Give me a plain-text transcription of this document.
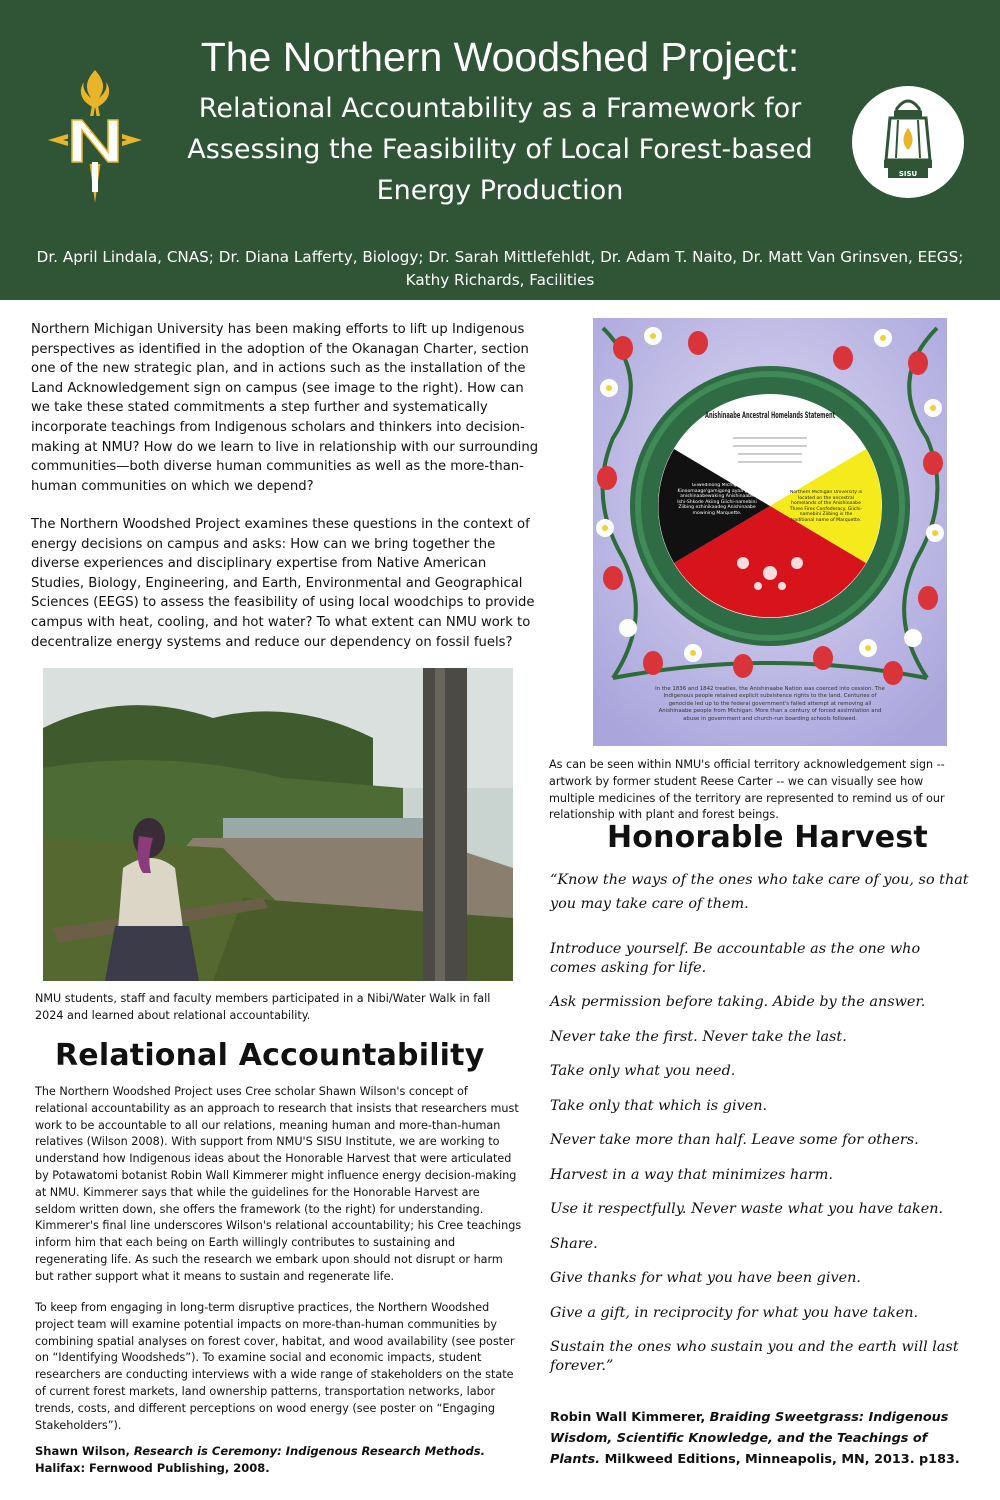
The Northern Woodshed Project:
Relational Accountability as a Framework for Assessing the Feasibility of Local Forest-based Energy Production
Dr. April Lindala, CNAS; Dr. Diana Lafferty, Biology; Dr. Sarah Mittlefehldt, Dr. Adam T. Naito, Dr. Matt Van Grinsven, EEGS; Kathy Richards, Facilities
SISU
Northern Michigan University has been making efforts to lift up Indigenous perspectives as identified in the adoption of the Okanagan Charter, section one of the new strategic plan, and in actions such as the installation of the Land Acknowledgement sign on campus (see image to the right). How can we take these stated commitments a step further and systematically incorporate teachings from Indigenous scholars and thinkers into decision-making at NMU? How do we learn to live in relationship with our surrounding communities—both diverse human communities as well as the more-than-human communities on which we depend?
The Northern Woodshed Project examines these questions in the context of energy decisions on campus and asks: How can we bring together the diverse experiences and disciplinary expertise from Native American Studies, Biology, Engineering, and Earth, Environmental and Geographical Sciences (EEGS) to assess the feasibility of using local woodchips to provide campus with heat, cooling, and hot water? To what extent can NMU work to decentralize energy systems and reduce our dependency on fossil fuels?
NMU students, staff and faculty members participated in a Nibi/Water Walk in fall 2024 and learned about relational accountability.
Relational Accountability
The Northern Woodshed Project uses Cree scholar Shawn Wilson's concept of relational accountability as an approach to research that insists that researchers must work to be accountable to all our relations, meaning human and more-than-human relatives (Wilson 2008). With support from NMU'S SISU Institute, we are working to understand how Indigenous ideas about the Honorable Harvest that were articulated by Potawatomi botanist Robin Wall Kimmerer might influence energy decision-making at NMU. Kimmerer says that while the guidelines for the Honorable Harvest are seldom written down, she offers the framework (to the right) for understanding. Kimmerer's final line underscores Wilson's relational accountability; his Cree teachings inform him that each being on Earth willingly contributes to sustaining and regenerating life. As such the research we embark upon should not disrupt or harm but rather support what it means to sustain and regenerate life.
To keep from engaging in long-term disruptive practices, the Northern Woodshed project team will examine potential impacts on more-than-human communities by combining spatial analyses on forest cover, habitat, and wood availability (see poster on “Identifying Woodsheds”). To examine social and economic impacts, student researchers are conducting interviews with a wide range of stakeholders on the state of current forest markets, land ownership patterns, transportation networks, labor trends, costs, and different perceptions on wood energy (see poster on “Engaging Stakeholders”).
Shawn Wilson, Research is Ceremony: Indigenous Research Methods. Halifax: Fernwood Publishing, 2008.
Anishinaabe Ancestral Homelands Statement
Giiwedinong Michigan Kinoomaage'gamigong ayaa gete-anishinaabewaking Anishinaabe Ishi-Shkode Akiing Giichi-namebini Ziibing ezhinikaadeg Anishinaabe mowining Marquette.
Northern Michigan University is located on the ancestral homelands of the Anishinaabe Three Fires Confederacy. Giichi-namebini Ziibing is the traditional name of Marquette.
In the 1836 and 1842 treaties, the Anishinaabe Nation was coerced into cession. The Indigenous people retained explicit subsistence rights to the land. Centuries of genocide led up to the federal government's failed attempt at removing all Anishinaabe people from Michigan. More than a century of forced assimilation and abuse in government and church-run boarding schools followed.
As can be seen within NMU's official territory acknowledgement sign -- artwork by former student Reese Carter -- we can visually see how multiple medicines of the territory are represented to remind us of our relationship with plant and forest beings.
Honorable Harvest

“Know the ways of the ones who take care of you, so that you may take care of them.

Introduce yourself. Be accountable as the one who comes asking for life.

Ask permission before taking. Abide by the answer.

Never take the first. Never take the last.

Take only what you need.

Take only that which is given.

Never take more than half. Leave some for others.

Harvest in a way that minimizes harm.

Use it respectfully. Never waste what you have taken.

Share.

Give thanks for what you have been given.

Give a gift, in reciprocity for what you have taken.

Sustain the ones who sustain you and the earth will last forever.”

Robin Wall Kimmerer, Braiding Sweetgrass: Indigenous Wisdom, Scientific Knowledge, and the Teachings of Plants. Milkweed Editions, Minneapolis, MN, 2013. p183.
